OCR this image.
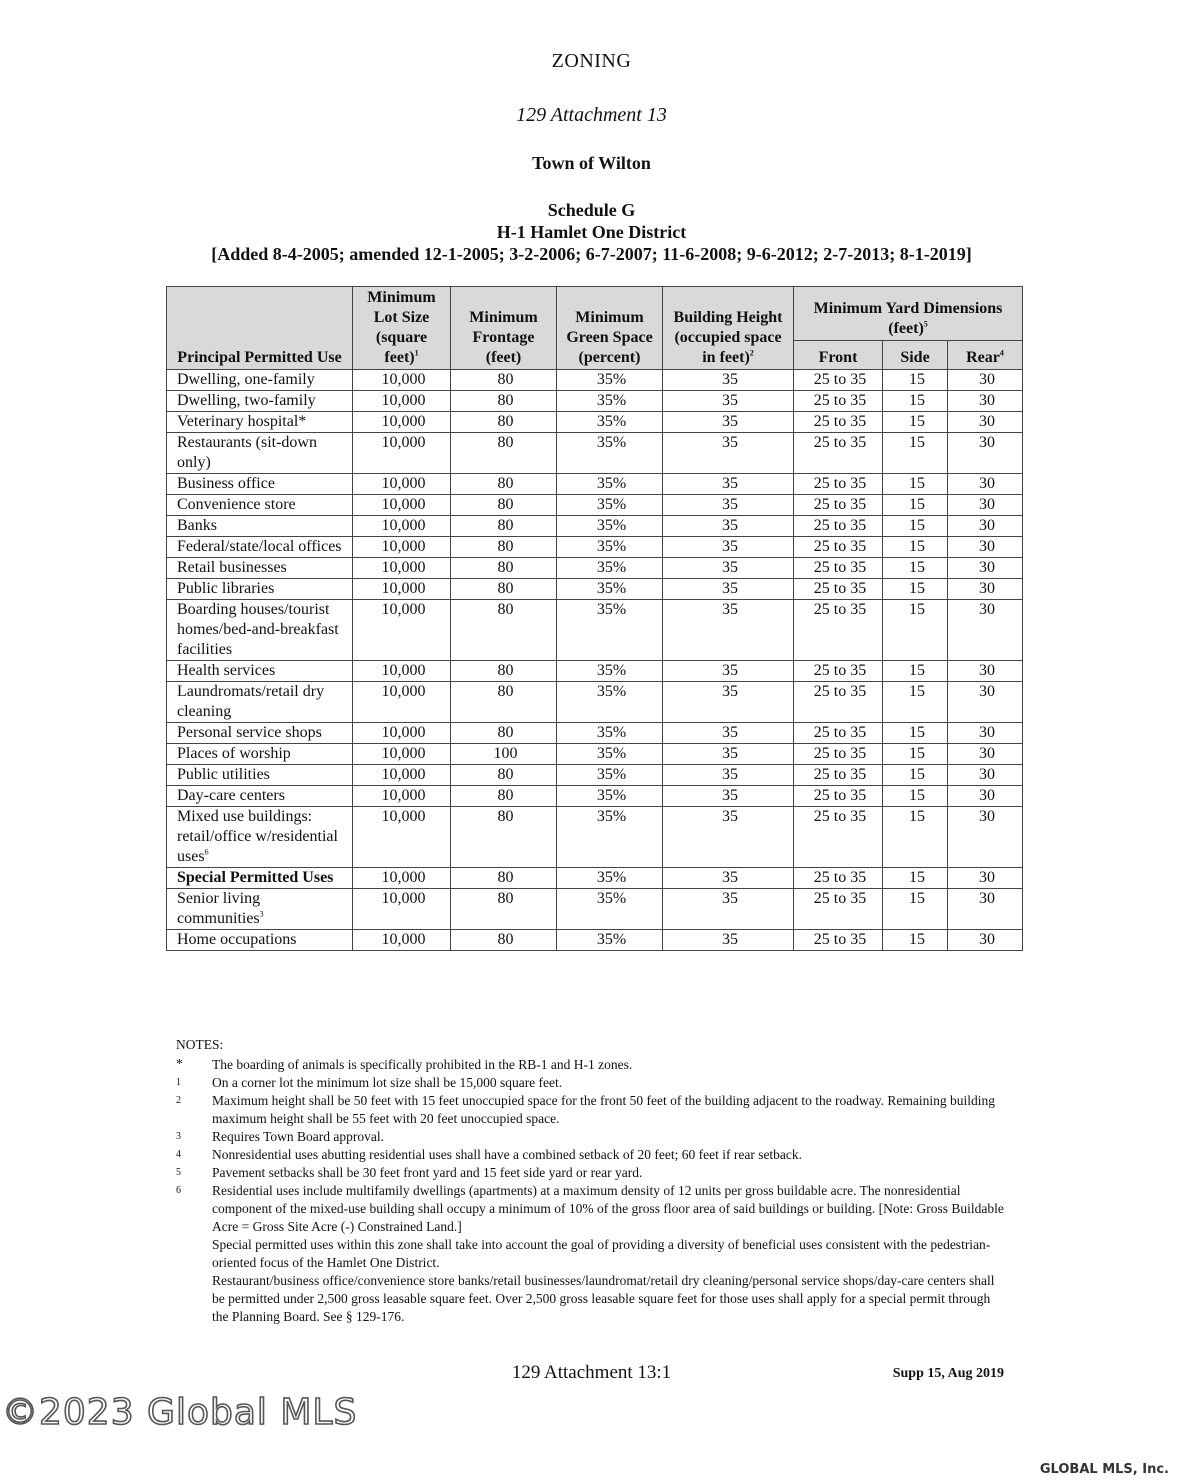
ZONING
129 Attachment 13
Town of Wilton
Schedule G
H-1 Hamlet One District
[Added 8-4-2005; amended 12-1-2005; 3-2-2006; 6-7-2007; 11-6-2008; 9-6-2012; 2-7-2013; 8-1-2019]
Principal Permitted Use	Minimum Lot Size (square feet)$^1$	Minimum Frontage (feet)	Minimum Green Space (percent)	Building Height (occupied space in feet)$^2$	Minimum Yard Dimensions (feet)$^5$
					Front	Side	Rear$^4$
Dwelling, one-family	10,000	80	35%	35	25 to 35	15	30
Dwelling, two-family	10,000	80	35%	35	25 to 35	15	30
Veterinary hospital*	10,000	80	35%	35	25 to 35	15	30
Restaurants (sit-down only)	10,000	80	35%	35	25 to 35	15	30
Business office	10,000	80	35%	35	25 to 35	15	30
Convenience store	10,000	80	35%	35	25 to 35	15	30
Banks	10,000	80	35%	35	25 to 35	15	30
Federal/state/local offices	10,000	80	35%	35	25 to 35	15	30
Retail businesses	10,000	80	35%	35	25 to 35	15	30
Public libraries	10,000	80	35%	35	25 to 35	15	30
Boarding houses/tourist homes/bed-and-breakfast facilities	10,000	80	35%	35	25 to 35	15	30
Health services	10,000	80	35%	35	25 to 35	15	30
Laundromats/retail dry cleaning	10,000	80	35%	35	25 to 35	15	30
Personal service shops	10,000	80	35%	35	25 to 35	15	30
Places of worship	10,000	100	35%	35	25 to 35	15	30
Public utilities	10,000	80	35%	35	25 to 35	15	30
Day-care centers	10,000	80	35%	35	25 to 35	15	30
Mixed use buildings: retail/office w/residential uses$^6$	10,000	80	35%	35	25 to 35	15	30
Special Permitted Uses	10,000	80	35%	35	25 to 35	15	30
Senior living communities$^3$	10,000	80	35%	35	25 to 35	15	30
Home occupations	10,000	80	35%	35	25 to 35	15	30
NOTES:
*	The boarding of animals is specifically prohibited in the RB-1 and H-1 zones.
1	On a corner lot the minimum lot size shall be 15,000 square feet.
2	Maximum height shall be 50 feet with 15 feet unoccupied space for the front 50 feet of the building adjacent to the roadway. Remaining building maximum height shall be 55 feet with 20 feet unoccupied space.
3	Requires Town Board approval.
4	Nonresidential uses abutting residential uses shall have a combined setback of 20 feet; 60 feet if rear setback.
5	Pavement setbacks shall be 30 feet front yard and 15 feet side yard or rear yard.
6	Residential uses include multifamily dwellings (apartments) at a maximum density of 12 units per gross buildable acre. The nonresidential component of the mixed-use building shall occupy a minimum of 10% of the gross floor area of said buildings or building. [Note: Gross Buildable Acre = Gross Site Acre (-) Constrained Land.]
Special permitted uses within this zone shall take into account the goal of providing a diversity of beneficial uses consistent with the pedestrian-oriented focus of the Hamlet One District.
Restaurant/business office/convenience store banks/retail businesses/laundromat/retail dry cleaning/personal service shops/day-care centers shall be permitted under 2,500 gross leasable square feet. Over 2,500 gross leasable square feet for those uses shall apply for a special permit through the Planning Board. See § 129-176.
129 Attachment 13:1	Supp 15, Aug 2019
©2023 Global MLS
GLOBAL MLS, Inc.
